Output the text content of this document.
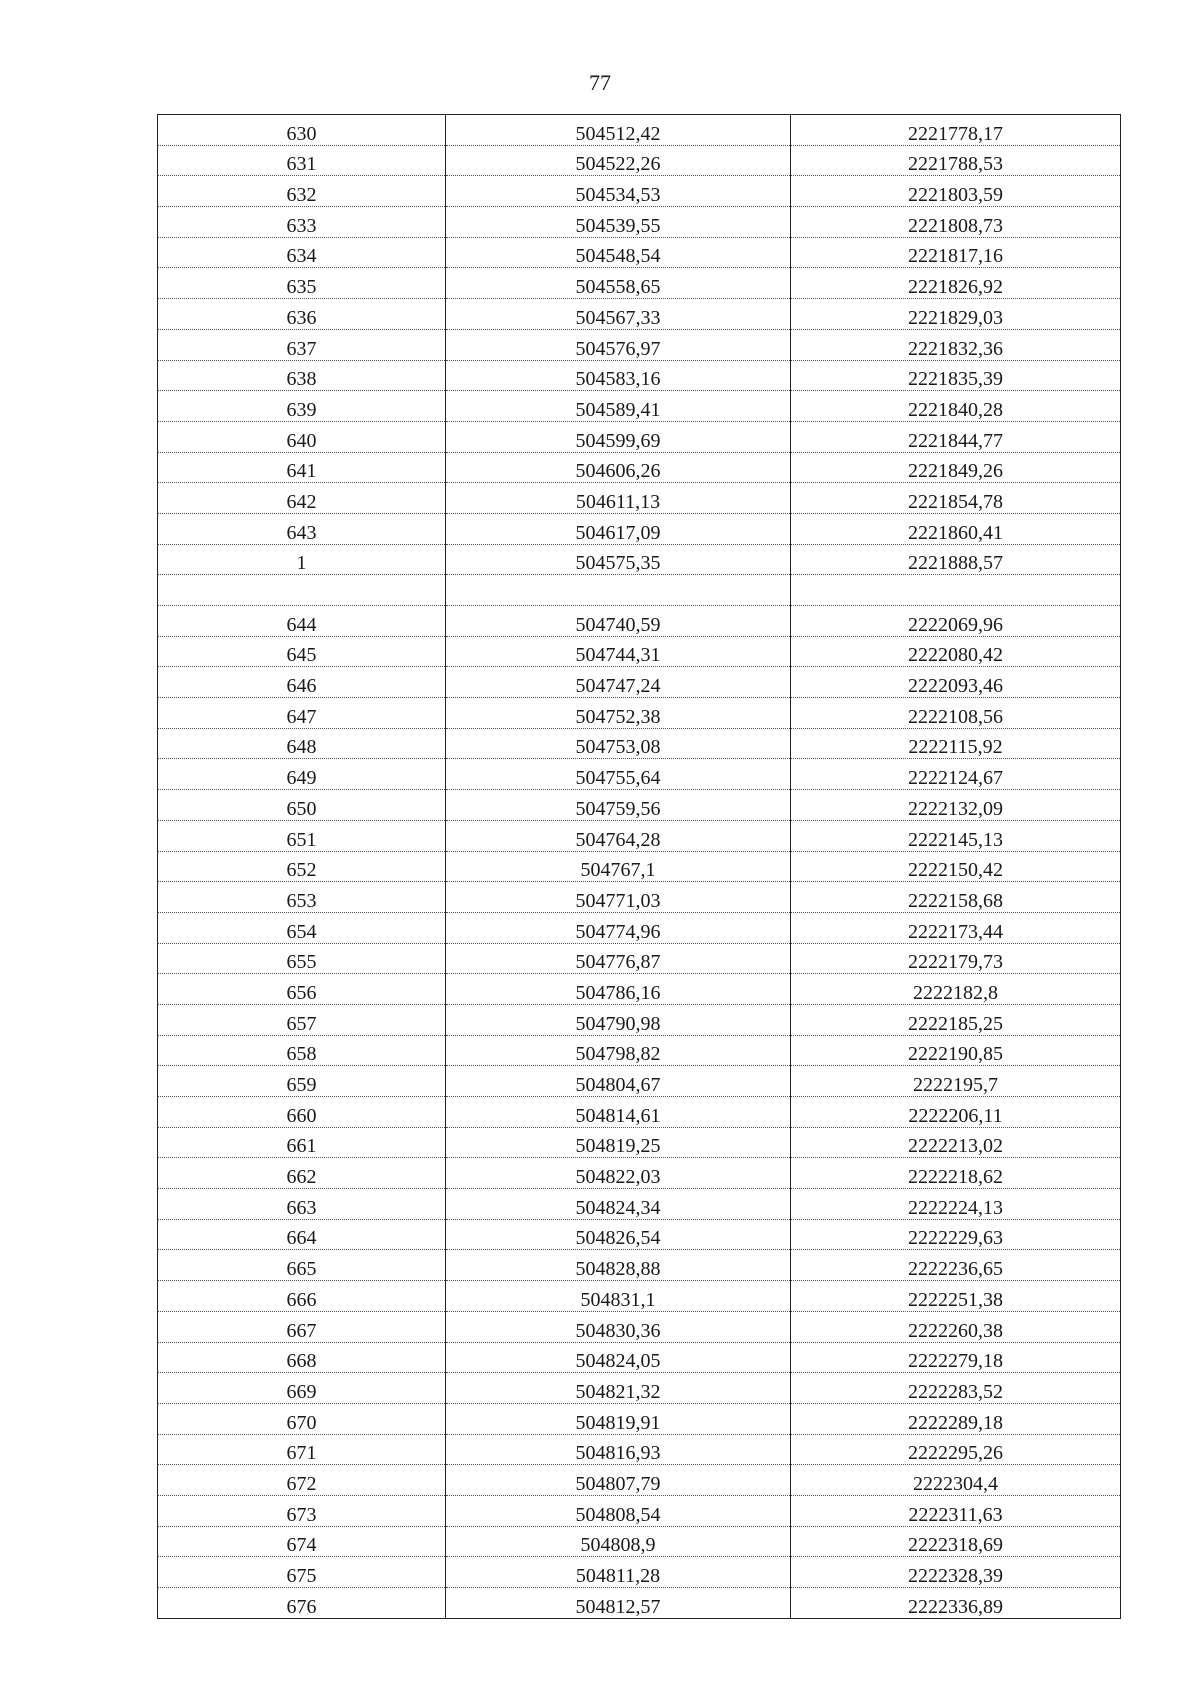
77
630	504512,42	2221778,17
631	504522,26	2221788,53
632	504534,53	2221803,59
633	504539,55	2221808,73
634	504548,54	2221817,16
635	504558,65	2221826,92
636	504567,33	2221829,03
637	504576,97	2221832,36
638	504583,16	2221835,39
639	504589,41	2221840,28
640	504599,69	2221844,77
641	504606,26	2221849,26
642	504611,13	2221854,78
643	504617,09	2221860,41
1	504575,35	2221888,57

644	504740,59	2222069,96
645	504744,31	2222080,42
646	504747,24	2222093,46
647	504752,38	2222108,56
648	504753,08	2222115,92
649	504755,64	2222124,67
650	504759,56	2222132,09
651	504764,28	2222145,13
652	504767,1	2222150,42
653	504771,03	2222158,68
654	504774,96	2222173,44
655	504776,87	2222179,73
656	504786,16	2222182,8
657	504790,98	2222185,25
658	504798,82	2222190,85
659	504804,67	2222195,7
660	504814,61	2222206,11
661	504819,25	2222213,02
662	504822,03	2222218,62
663	504824,34	2222224,13
664	504826,54	2222229,63
665	504828,88	2222236,65
666	504831,1	2222251,38
667	504830,36	2222260,38
668	504824,05	2222279,18
669	504821,32	2222283,52
670	504819,91	2222289,18
671	504816,93	2222295,26
672	504807,79	2222304,4
673	504808,54	2222311,63
674	504808,9	2222318,69
675	504811,28	2222328,39
676	504812,57	2222336,89
